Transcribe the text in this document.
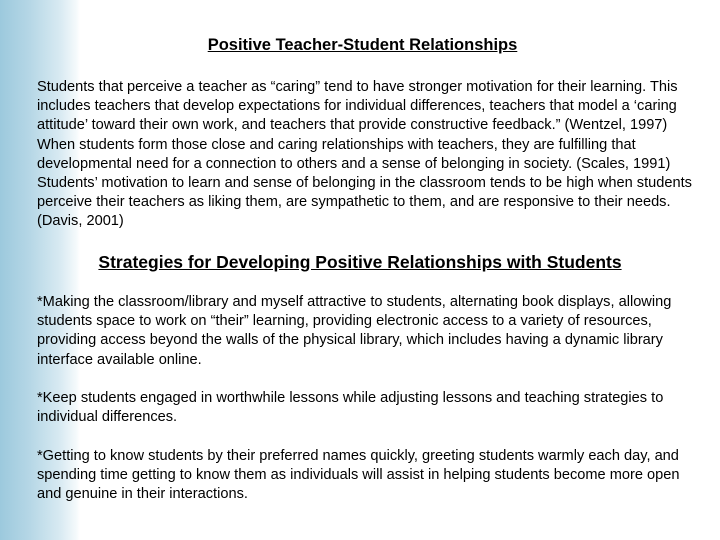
Positive Teacher-Student Relationships

Students that perceive a teacher as “caring” tend to have stronger motivation for their learning. This includes teachers that develop expectations for individual differences, teachers that model a ‘caring attitude’ toward their own work, and teachers that provide constructive feedback.” (Wentzel, 1997) When students form those close and caring relationships with teachers, they are fulfilling that developmental need for a connection to others and a sense of belonging in society. (Scales, 1991) Students’ motivation to learn and sense of belonging in the classroom tends to be high when students perceive their teachers as liking them, are sympathetic to them, and are responsive to their needs. (Davis, 2001)

Strategies for Developing Positive Relationships with Students

*Making the classroom/library and myself attractive to students, alternating book displays, allowing students space to work on “their” learning, providing electronic access to a variety of resources, providing access beyond the walls of the physical library, which includes having a dynamic library interface available online.

*Keep students engaged in worthwhile lessons while adjusting lessons and teaching strategies to individual differences.

*Getting to know students by their preferred names quickly, greeting students warmly each day, and spending time getting to know them as individuals will assist in helping students become more open and genuine in their interactions.
